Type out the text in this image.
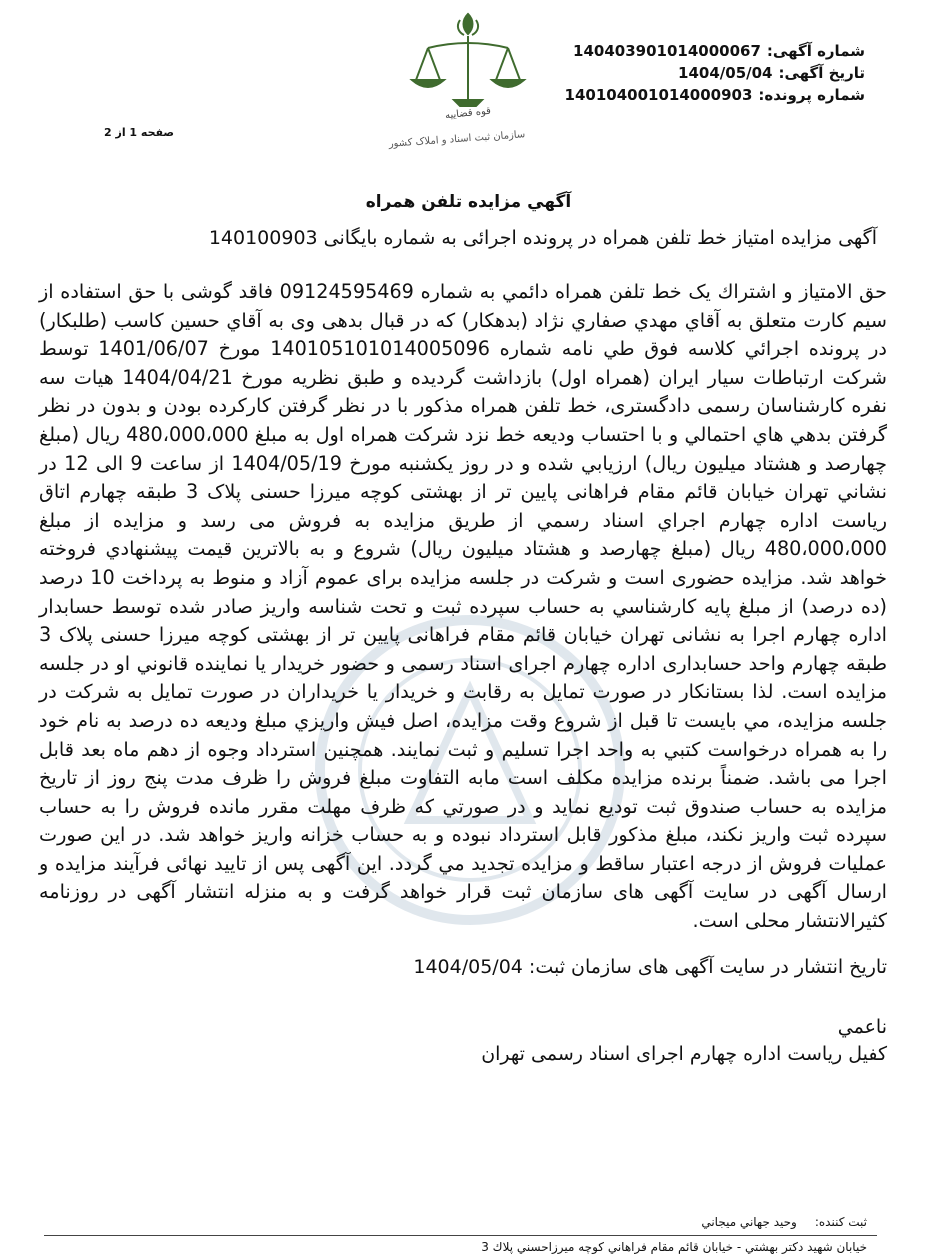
شماره آگهی:
14040390101400006​7
تاریخ آگهی:
1404/05/04
شماره پرونده:
140104001014000903
قوه قضاییه
سازمان ثبت اسناد و املاک کشور
صفحه 1 از 2
آگهي مزايده تلفن همراه
آگهی مزایده امتیاز خط تلفن همراه در پرونده اجرائی به شماره بایگانی 140100903
حق الامتياز و اشتراك يک خط تلفن همراه دائمي به شماره 09124595469 فاقد گوشی با حق استفاده از سيم کارت متعلق به آقاي مهدي صفاري نژاد (بدهکار) که در قبال بدهی وی به آقاي حسين كاسب (طلبکار) در پرونده اجرائي کلاسه فوق طي نامه شماره 14010510101400509​6 مورخ 1401/06/07 توسط شرکت ارتباطات سيار ايران (همراه اول) بازداشت گرديده و طبق نظريه مورخ 1404/04/21 هيات سه نفره کارشناسان رسمی دادگستری، خط تلفن همراه مذکور با در نظر گرفتن کارکرده بودن و بدون در نظر گرفتن بدهي هاي احتمالي و با احتساب وديعه خط نزد شرکت همراه اول به مبلغ 480،000،000 ريال (مبلغ چهارصد و هشتاد میلیون ریال) ارزيابي شده و در روز يکشنبه مورخ 1404/05/19 از ساعت 9 الی 12 در نشاني تهران خيابان قائم مقام فراهانی پایین تر از بهشتی کوچه میرزا حسنی پلاک 3 طبقه چهارم اتاق رياست اداره چهارم اجراي اسناد رسمي از طريق مزايده به فروش می رسد و مزايده از مبلغ 480،000،000 ريال (مبلغ چهارصد و هشتاد میلیون ریال) شروع و به بالاترين قيمت پيشنهادي فروخته خواهد شد. مزایده حضوری است و شرکت در جلسه مزایده برای عموم آزاد و منوط به پرداخت 10 درصد (ده درصد) از مبلغ پايه كارشناسي به حساب سپرده ثبت و تحت شناسه واريز صادر شده توسط حسابدار اداره چهارم اجرا به نشانی تهران خیابان قائم مقام فراهانی پایین تر از بهشتی کوچه میرزا حسنی پلاک 3 طبقه چهارم واحد حسابداری اداره چهارم اجرای اسناد رسمی و حضور خريدار يا نماينده قانوني او در جلسه مزايده است. لذا بستانكار در صورت تمايل به رقابت و خريدار يا خريداران در صورت تمايل به شركت در جلسه مزايده، مي بايست تا قبل از شروع وقت مزايده، اصل فيش واريزي مبلغ وديعه ده درصد به نام خود را به همراه درخواست کتبي به واحد اجرا تسليم و ثبت نمايند. همچنين استرداد وجوه از دهم ماه بعد قابل اجرا می باشد. ضمناً برنده مزایده مکلف است مابه التفاوت مبلغ فروش را ظرف مدت پنج روز از تاريخ مزايده به حساب صندوق ثبت توديع نمايد و در صورتي كه ظرف مهلت مقرر مانده فروش را به حساب سپرده ثبت واريز نكند، مبلغ مذكور قابل استرداد نبوده و به حساب خزانه واريز خواهد شد. در اين صورت عمليات فروش از درجه اعتبار ساقط و مزايده تجديد مي گردد. این آگهی پس از تایید نهائی فرآیند مزایده و ارسال آگهی در سایت آگهی های سازمان ثبت قرار خواهد گرفت و به منزله انتشار آگهی در روزنامه کثیرالانتشار محلی است.
تاريخ انتشار در سایت آگهی های سازمان ثبت: 1404/05/04
ناعمي
كفيل رياست اداره چهارم اجرای اسناد رسمی تهران
ثبت كننده:
وحيد جهاني ميجاني
خيابان شهيد دكتر بهشتي - خيابان قائم مقام فراهاني كوچه ميرزاحسني پلاك 3
